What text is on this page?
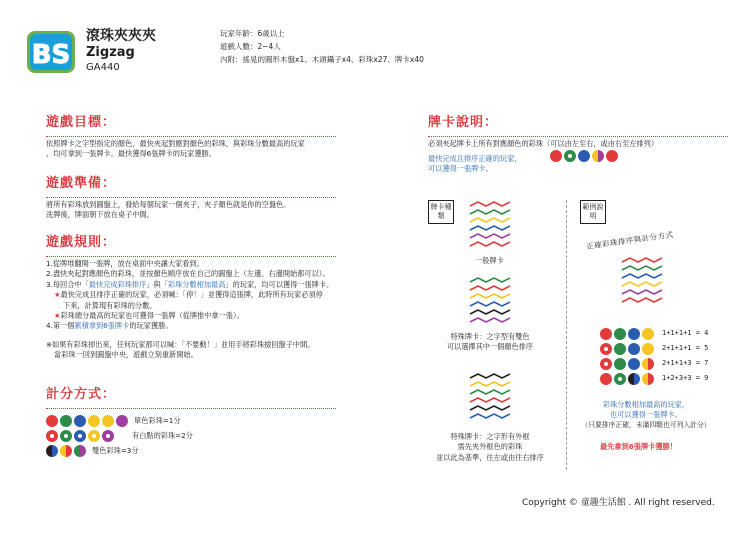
BS
滾珠夾夾夾
Zigzag
GA440
玩家年齡：6歲以上
遊戲人數：2~4人
內附：搖晃的圓形木盤x1、木頭鑷子x4、彩珠x27、牌卡x40
遊戲目標：
依照牌卡之字型指定的顏色，最快夾起對應對顏色的彩珠，與彩珠分數最高的玩家
，均可拿到一張牌卡。最快獲得6張牌卡的玩家獲勝。
遊戲準備：
將所有彩珠放到圓盤上，發給每個玩家一個夾子，夾子顏色就是你的空盤色。
洗牌後，牌面朝下放在桌子中間。
遊戲規則：
1.從牌堆翻開一張牌，放在桌面中央讓大家看到。
2.盡快夾起對應顏色的彩珠，並按顏色順序放在自己的圓盤上（左邊、右邊開始都可以）。
3.每回合中「最快完成彩珠排序」與「彩珠分數相加最高」的玩家，均可以獲得一張牌卡。
★最快完成且排序正確的玩家，必須喊：「停！」並獲得這張牌，此時所有玩家必須停
下來，計算現有彩珠的分數。
★彩珠總分最高的玩家也可獲得一張牌（從牌推中拿一張）。
4.第一個累積拿到6張牌卡的玩家獲勝。
※如果有彩珠掉出來，任何玩家都可以喊：「不要動！」並用手將彩珠撿回盤子中間。
當彩珠一回到圓盤中央，遊戲立刻重新開始。
計分方式：
單色彩珠=1分
有白點的彩珠=2分
雙色彩珠=3分
牌卡說明：
必須夾起牌卡上所有對應顏色的彩珠（可以由左至右，或由右至左排列）
最快完成且排序正確的玩家，
可以獲得一張牌卡。
牌卡種類
範例說明
一般牌卡
特殊牌卡：之字型有雙色
可以選擇其中一個顏色排序
特殊牌卡：之字形有外框
需先夾外框色的彩珠
並以此為基準，往左或由往右排序
正確彩珠排序與計分方式
1+1+1+1 = 4
2+1+1+1 = 5
2+1+1+3 = 7
1+2+3+3 = 9
彩珠分數相加最高的玩家，
也可以獲得一張牌卡。
（只要排序正確，未滿四顆也可列入計分）
最先拿到6張牌卡獲勝！
Copyright © 童趣生活館 . All right reserved.
